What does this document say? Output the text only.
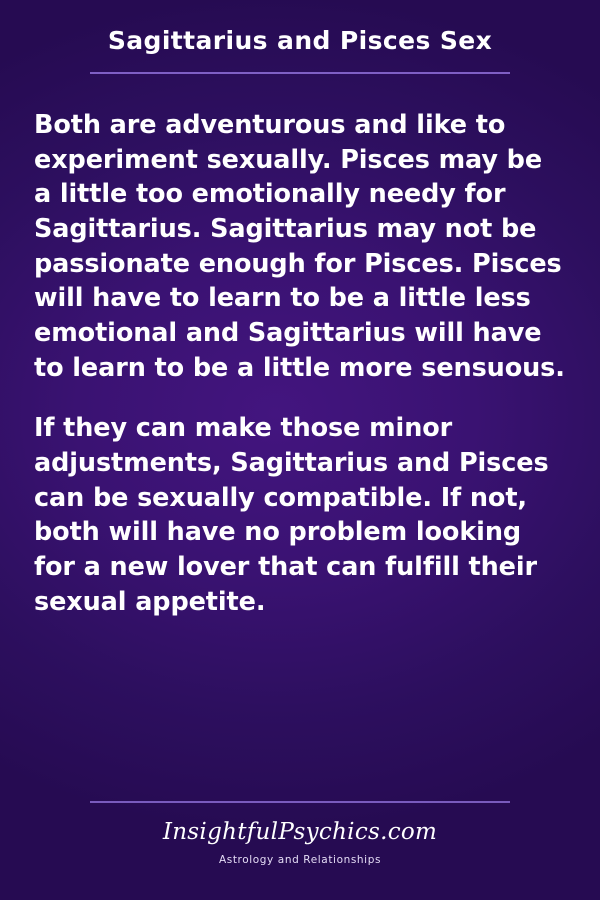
Sagittarius and Pisces Sex

Both are adventurous and like to experiment sexually. Pisces may be a little too emotionally needy for Sagittarius. Sagittarius may not be passionate enough for Pisces. Pisces will have to learn to be a little less emotional and Sagittarius will have to learn to be a little more sensuous.

If they can make those minor adjustments, Sagittarius and Pisces can be sexually compatible. If not, both will have no problem looking for a new lover that can fulfill their sexual appetite.

InsightfulPsychics.com
Astrology and Relationships
